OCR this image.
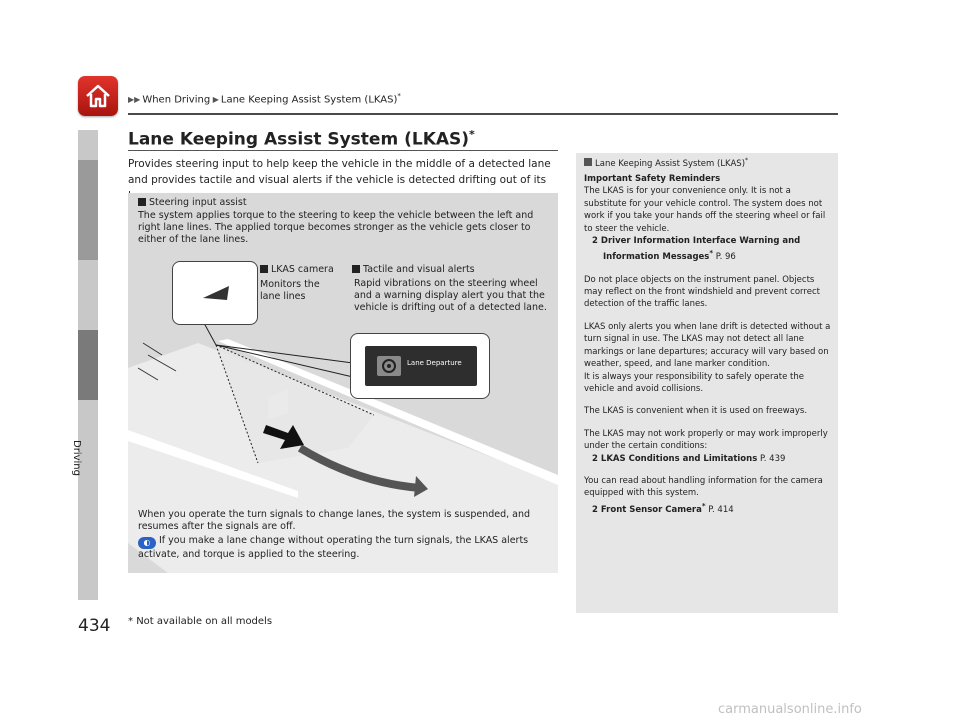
▶▶ When Driving ▶ Lane Keeping Assist System (LKAS)*
Driving
Lane Keeping Assist System (LKAS)*
Provides steering input to help keep the vehicle in the middle of a detected lane and provides tactile and visual alerts if the vehicle is detected drifting out of its
Steering input assist
The system applies torque to the steering to keep the vehicle between the left and right lane lines. The applied torque becomes stronger as the vehicle gets closer to either of the lane lines.
LKAS camera
Monitors the lane lines
Tactile and visual alerts
Rapid vibrations on the steering wheel and a warning display alert you that the vehicle is drifting out of a detected lane.
When you operate the turn signals to change lanes, the system is suspended, and resumes after the signals are off.
◐ If you make a lane change without operating the turn signals, the LKAS alerts activate, and torque is applied to the steering.
Lane Departure
Lane Keeping Assist System (LKAS)*
Important Safety Reminders
The LKAS is for your convenience only. It is not a substitute for your vehicle control. The system does not work if you take your hands off the steering wheel or fail to steer the vehicle.
2 Driver Information Interface Warning and
Information Messages* P. 96
Do not place objects on the instrument panel. Objects may reflect on the front windshield and prevent correct detection of the traffic lanes.
LKAS only alerts you when lane drift is detected without a turn signal in use. The LKAS may not detect all lane markings or lane departures; accuracy will vary based on weather, speed, and lane marker condition.
It is always your responsibility to safely operate the vehicle and avoid collisions.
The LKAS is convenient when it is used on freeways.
The LKAS may not work properly or may work improperly under the certain conditions:
2 LKAS Conditions and Limitations P. 439
You can read about handling information for the camera equipped with this system.
2 Front Sensor Camera* P. 414
434 * Not available on all models
carmanualsonline.info
